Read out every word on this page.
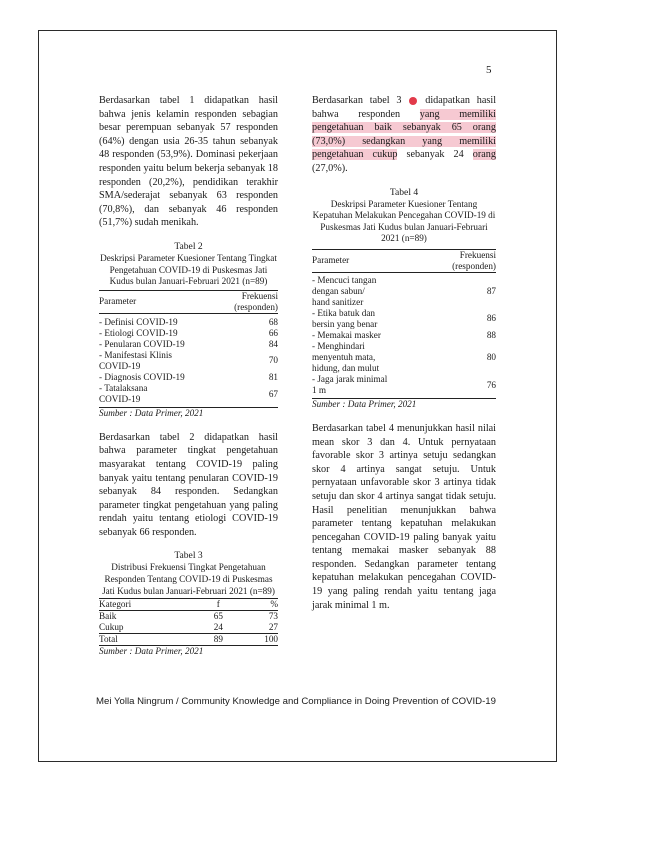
5

Berdasarkan tabel 1 didapatkan hasil bahwa jenis kelamin responden sebagian besar perempuan sebanyak 57 responden (64%) dengan usia 26-35 tahun sebanyak 48 responden (53,9%). Dominasi pekerjaan responden yaitu belum bekerja sebanyak 18 responden (20,2%), pendidikan terakhir SMA/sederajat sebanyak 63 responden (70,8%), dan sebanyak 46 responden (51,7%) sudah menikah.

Tabel 2

Deskripsi Parameter Kuesioner Tentang Tingkat Pengetahuan COVID-19 di Puskesmas Jati Kudus bulan Januari-Februari 2021 (n=89)

Parameter	Frekuensi (responden)

- Definisi COVID-19	68
- Etiologi COVID-19	66
- Penularan COVID-19	84
- Manifestasi Klinis COVID-19	70
- Diagnosis COVID-19	81
- Tatalaksana COVID-19	67

Sumber : Data Primer, 2021

Berdasarkan tabel 2 didapatkan hasil bahwa parameter tingkat pengetahuan masyarakat tentang COVID-19 paling banyak yaitu tentang penularan COVID-19 sebanyak 84 responden. Sedangkan parameter tingkat pengetahuan yang paling rendah yaitu tentang etiologi COVID-19 sebanyak 66 responden.

Tabel 3

Distribusi Frekuensi Tingkat Pengetahuan Responden Tentang COVID-19 di Puskesmas Jati Kudus bulan Januari-Februari 2021 (n=89)

Kategori	f	%
Baik	65	73
Cukup	24	27
Total	89	100

Sumber : Data Primer, 2021

Berdasarkan tabel 3 didapatkan hasil bahwa responden yang memiliki pengetahuan baik sebanyak 65 orang (73,0%) sedangkan yang memiliki pengetahuan cukup sebanyak 24 orang (27,0%).

Tabel 4

Deskripsi Parameter Kuesioner Tentang Kepatuhan Melakukan Pencegahan COVID-19 di Puskesmas Jati Kudus bulan Januari-Februari 2021 (n=89)

Parameter	Frekuensi (responden)

- Mencuci tangan dengan sabun/ hand sanitizer	87
- Etika batuk dan bersin yang benar	86
- Memakai masker	88
- Menghindari menyentuh mata, hidung, dan mulut	80
- Jaga jarak minimal 1 m	76

Sumber : Data Primer, 2021

Berdasarkan tabel 4 menunjukkan hasil nilai mean skor 3 dan 4. Untuk pernyataan favorable skor 3 artinya setuju sedangkan skor 4 artinya sangat setuju. Untuk pernyataan unfavorable skor 3 artinya tidak setuju dan skor 4 artinya sangat tidak setuju. Hasil penelitian menunjukkan bahwa parameter tentang kepatuhan melakukan pencegahan COVID-19 paling banyak yaitu tentang memakai masker sebanyak 88 responden. Sedangkan parameter tentang kepatuhan melakukan pencegahan COVID-19 yang paling rendah yaitu tentang jaga jarak minimal 1 m.

Mei Yolla Ningrum / Community Knowledge and Compliance in Doing Prevention of COVID-19
